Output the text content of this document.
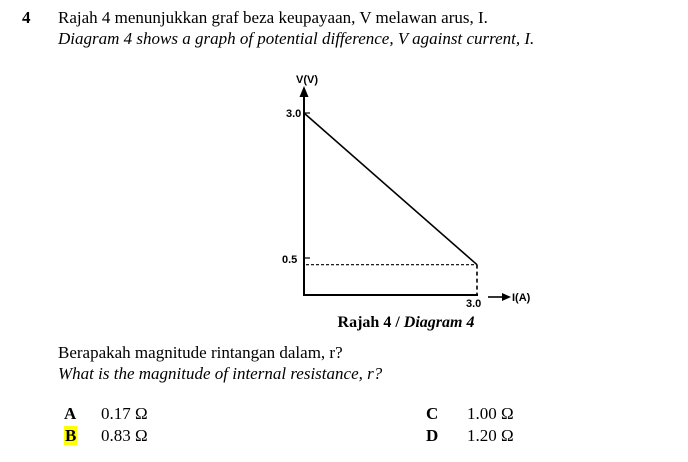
4 Rajah 4 menunjukkan graf beza keupayaan, V melawan arus, I.
Diagram 4 shows a graph of potential difference, V against current, I.
V(V)
I(A)
3.0
0.5
3.0
Rajah 4 / Diagram 4
Berapakah magnitude rintangan dalam, r?
What is the magnitude of internal resistance, r?
A 0.17 Ω
B 0.83 Ω
C 1.00 Ω
D 1.20 Ω
